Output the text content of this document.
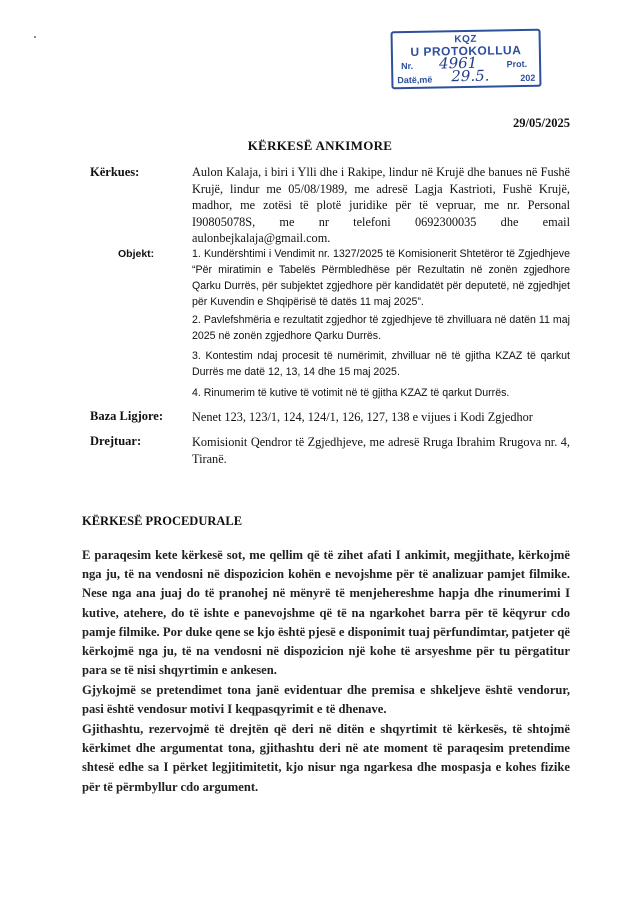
KQZ
U PROTOKOLLUA
Nr. 4961	Prot.
Datë,më 29.5.	202
29/05/2025
KËRKESË ANKIMORE
Kërkues:	Aulon Kalaja, i biri i Ylli dhe i Rakipe, lindur në Krujë dhe banues në Fushë Krujë, lindur me 05/08/1989, me adresë Lagja Kastrioti, Fushë Krujë, madhor, me zotësi të plotë juridike për të vepruar, me nr. Personal I90805078S, me nr telefoni 0692300035 dhe email aulonbejkalaja@gmail.com.
Objekt:	1. Kundërshtimi i Vendimit nr. 1327/2025 të Komisionerit Shtetëror të Zgjedhjeve “Për miratimin e Tabelës Përmbledhëse për Rezultatin në zonën zgjedhore Qarku Durrës, për subjektet zgjedhore për kandidatët për deputetë, në zgjedhjet për Kuvendin e Shqipërisë të datës 11 maj 2025”.
2. Pavlefshmëria e rezultatit zgjedhor të zgjedhjeve të zhvilluara në datën 11 maj 2025 në zonën zgjedhore Qarku Durrës.
3. Kontestim ndaj procesit të numërimit, zhvilluar në të gjitha KZAZ të qarkut Durrës me datë 12, 13, 14 dhe 15 maj 2025.
4. Rinumerim të kutive të votimit në të gjitha KZAZ të qarkut Durrës.
Baza Ligjore: Nenet 123, 123/1, 124, 124/1, 126, 127, 138 e vijues i Kodi Zgjedhor
Drejtuar:	Komisionit Qendror të Zgjedhjeve, me adresë Rruga Ibrahim Rrugova nr. 4, Tiranë.
KËRKESË PROCEDURALE
E paraqesim kete kërkesë sot, me qellim që të zihet afati I ankimit, megjithate, kërkojmë nga ju, të na vendosni në dispozicion kohën e nevojshme për të analizuar pamjet filmike. Nese nga ana juaj do të pranohej në mënyrë të menjehereshme hapja dhe rinumerimi I kutive, atehere, do të ishte e panevojshme që të na ngarkohet barra për të këqyrur cdo pamje filmike. Por duke qene se kjo është pjesë e disponimit tuaj përfundimtar, patjeter që kërkojmë nga ju, të na vendosni në dispozicion një kohe të arsyeshme për tu përgatitur para se të nisi shqyrtimin e ankesen.
Gjykojmë se pretendimet tona janë evidentuar dhe premisa e shkeljeve është vendorur, pasi është vendosur motivi I keqpasqyrimit e të dhenave.
Gjithashtu, rezervojmë të drejtën që deri në ditën e shqyrtimit të kërkesës, të shtojmë kërkimet dhe argumentat tona, gjithashtu deri në ate moment të paraqesim pretendime shtesë edhe sa I përket legjitimitetit, kjo nisur nga ngarkesa dhe mospasja e kohes fizike për të përmbyllur cdo argument.
